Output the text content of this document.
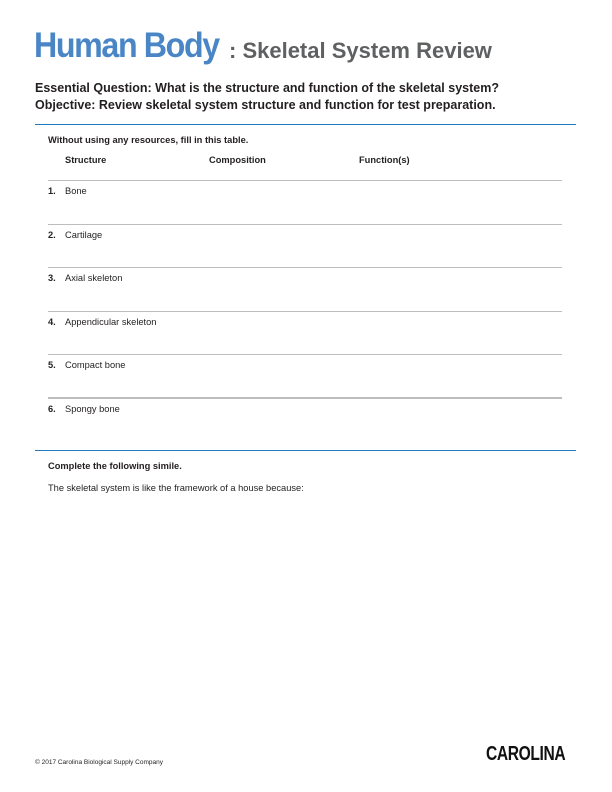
Human Body : Skeletal System Review
Essential Question: What is the structure and function of the skeletal system?
Objective: Review skeletal system structure and function for test preparation.
Without using any resources, fill in this table.
Structure	Composition	Function(s)
1. Bone
2. Cartilage
3. Axial skeleton
4. Appendicular skeleton
5. Compact bone
6. Spongy bone
Complete the following simile.
The skeletal system is like the framework of a house because:
© 2017 Carolina Biological Supply Company	CAROLINA
